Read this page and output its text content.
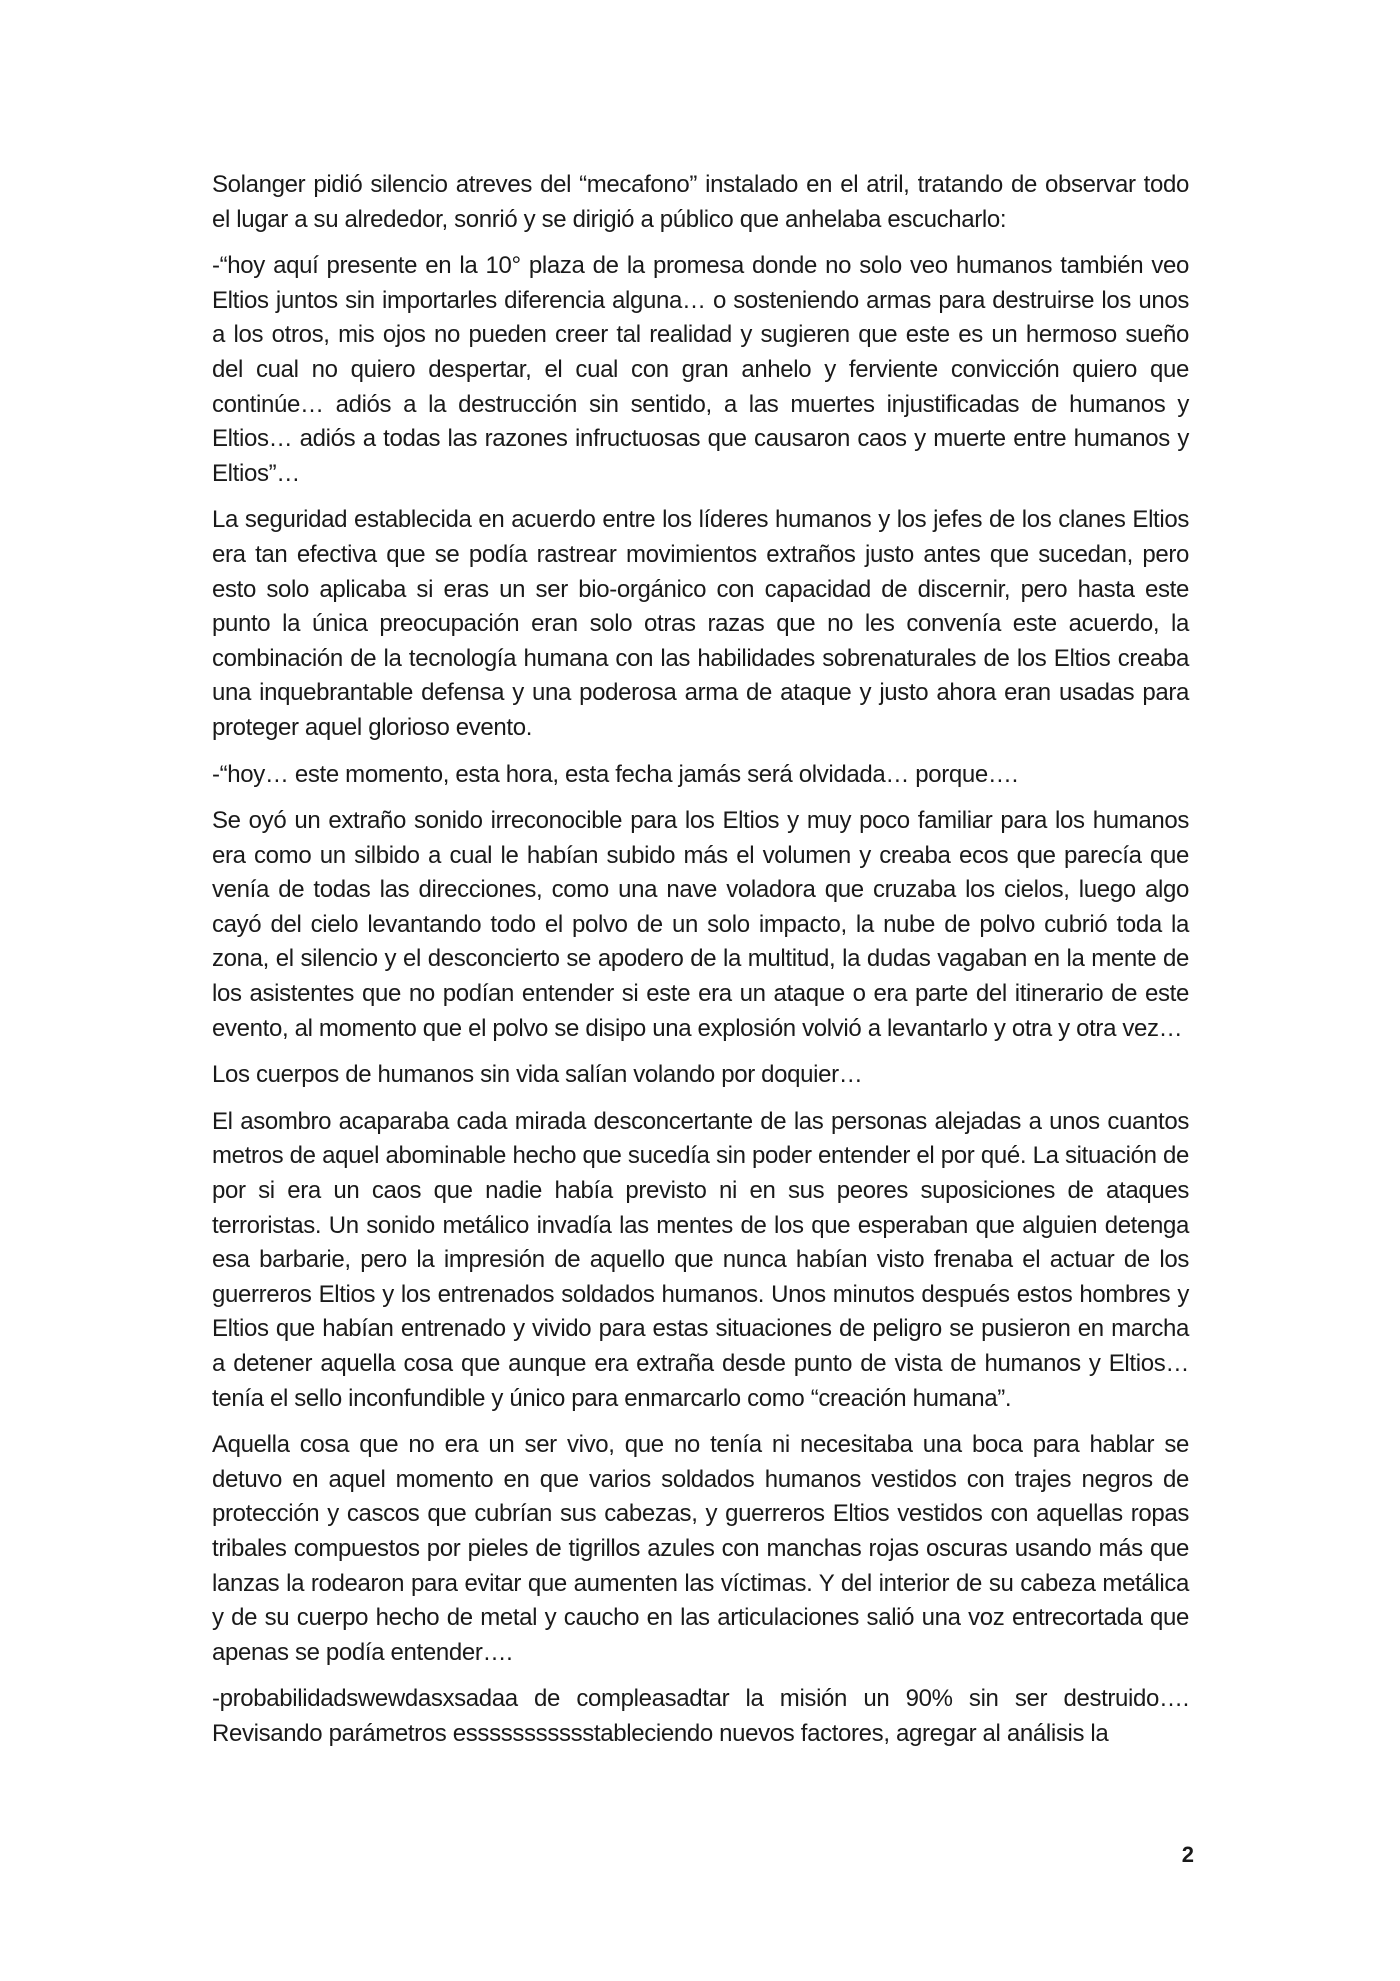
Solanger pidió silencio atreves del “mecafono” instalado en el atril, tratando de observar todo el lugar a su alrededor, sonrió y se dirigió a público que anhelaba escucharlo:

-“hoy aquí presente en la 10° plaza de la promesa donde no solo veo humanos también veo Eltios juntos sin importarles diferencia alguna… o sosteniendo armas para destruirse los unos a los otros, mis ojos no pueden creer tal realidad y sugieren que este es un hermoso sueño del cual no quiero despertar, el cual con gran anhelo y ferviente convicción quiero que continúe… adiós a la destrucción sin sentido, a las muertes injustificadas de humanos y Eltios… adiós a todas las razones infructuosas que causaron caos y muerte entre humanos y Eltios”…

La seguridad establecida en acuerdo entre los líderes humanos y los jefes de los clanes Eltios era tan efectiva que se podía rastrear movimientos extraños justo antes que sucedan, pero esto solo aplicaba si eras un ser bio-orgánico con capacidad de discernir, pero hasta este punto la única preocupación eran solo otras razas que no les convenía este acuerdo, la combinación de la tecnología humana con las habilidades sobrenaturales de los Eltios creaba una inquebrantable defensa y una poderosa arma de ataque y justo ahora eran usadas para proteger aquel glorioso evento.

-“hoy… este momento, esta hora, esta fecha jamás será olvidada… porque….

Se oyó un extraño sonido irreconocible para los Eltios y muy poco familiar para los humanos era como un silbido a cual le habían subido más el volumen y creaba ecos que parecía que venía de todas las direcciones, como una nave voladora que cruzaba los cielos, luego algo cayó del cielo levantando todo el polvo de un solo impacto, la nube de polvo cubrió toda la zona, el silencio y el desconcierto se apodero de la multitud, la dudas vagaban en la mente de los asistentes que no podían entender si este era un ataque o era parte del itinerario de este evento, al momento que el polvo se disipo una explosión volvió a levantarlo y otra y otra vez…

Los cuerpos de humanos sin vida salían volando por doquier…

El asombro acaparaba cada mirada desconcertante de las personas alejadas a unos cuantos metros de aquel abominable hecho que sucedía sin poder entender el por qué. La situación de por si era un caos que nadie había previsto ni en sus peores suposiciones de ataques terroristas. Un sonido metálico invadía las mentes de los que esperaban que alguien detenga esa barbarie, pero la impresión de aquello que nunca habían visto frenaba el actuar de los guerreros Eltios y los entrenados soldados humanos. Unos minutos después estos hombres y Eltios que habían entrenado y vivido para estas situaciones de peligro se pusieron en marcha a detener aquella cosa que aunque era extraña desde punto de vista de humanos y Eltios… tenía el sello inconfundible y único para enmarcarlo como “creación humana”.

Aquella cosa que no era un ser vivo, que no tenía ni necesitaba una boca para hablar se detuvo en aquel momento en que varios soldados humanos vestidos con trajes negros de protección y cascos que cubrían sus cabezas, y guerreros Eltios vestidos con aquellas ropas tribales compuestos por pieles de tigrillos azules con manchas rojas oscuras usando más que lanzas la rodearon para evitar que aumenten las víctimas. Y del interior de su cabeza metálica y de su cuerpo hecho de metal y caucho en las articulaciones salió una voz entrecortada que apenas se podía entender….

-probabilidadswewdasxsadaa de compleasadtar la misión un 90% sin ser destruido…. Revisando parámetros essssssssssstableciendo nuevos factores, agregar al análisis la

2
